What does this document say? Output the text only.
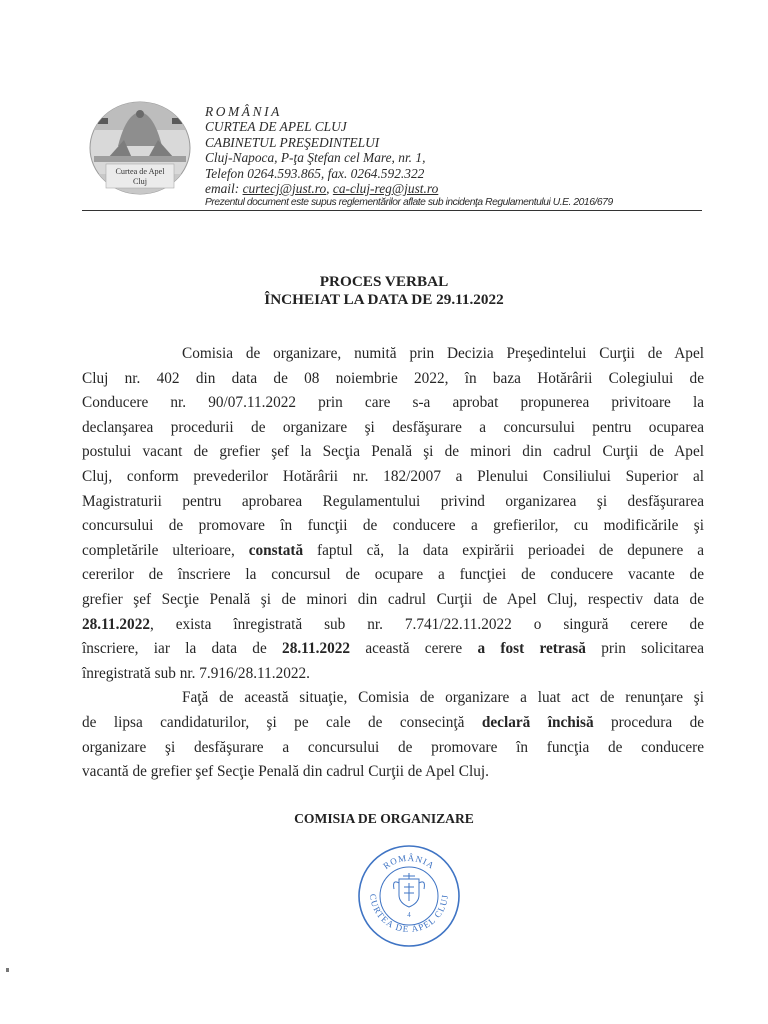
Curtea de Apel
Cluj
ROMÂNIA
CURTEA DE APEL CLUJ
CABINETUL PREŞEDINTELUI
Cluj-Napoca, P-ţa Ştefan cel Mare, nr. 1,
Telefon 0264.593.865, fax. 0264.592.322
email: curtecj@just.ro, ca-cluj-reg@just.ro
Prezentul document este supus reglementărilor aflate sub incidenţa Regulamentului U.E. 2016/679
PROCES VERBAL
ÎNCHEIAT LA DATA DE 29.11.2022
Comisia de organizare, numită prin Decizia Preşedintelui Curţii de Apel
Cluj nr. 402 din data de 08 noiembrie 2022, în baza Hotărârii Colegiului de
Conducere nr. 90/07.11.2022 prin care s-a aprobat propunerea privitoare la
declanşarea procedurii de organizare şi desfăşurare a concursului pentru ocuparea
postului vacant de grefier şef la Secţia Penală şi de minori din cadrul Curţii de Apel
Cluj, conform prevederilor Hotărârii nr. 182/2007 a Plenului Consiliului Superior al
Magistraturii pentru aprobarea Regulamentului privind organizarea şi desfăşurarea
concursului de promovare în funcţii de conducere a grefierilor, cu modificările şi
completările ulterioare, constată faptul că, la data expirării perioadei de depunere a
cererilor de înscriere la concursul de ocupare a funcţiei de conducere vacante de
grefier şef Secţie Penală şi de minori din cadrul Curţii de Apel Cluj, respectiv data de
28.11.2022, exista înregistrată sub nr. 7.741/22.11.2022 o singură cerere de
înscriere, iar la data de 28.11.2022 această cerere a fost retrasă prin solicitarea
înregistrată sub nr. 7.916/28.11.2022.
Faţă de această situaţie, Comisia de organizare a luat act de renunţare şi
de lipsa candidaturilor, şi pe cale de consecinţă declară închisă procedura de
organizare şi desfăşurare a concursului de promovare în funcţia de conducere
vacantă de grefier şef Secţie Penală din cadrul Curţii de Apel Cluj.
COMISIA DE ORGANIZARE
ROMÂNIA
CURTEA DE APEL CLUJ
4
